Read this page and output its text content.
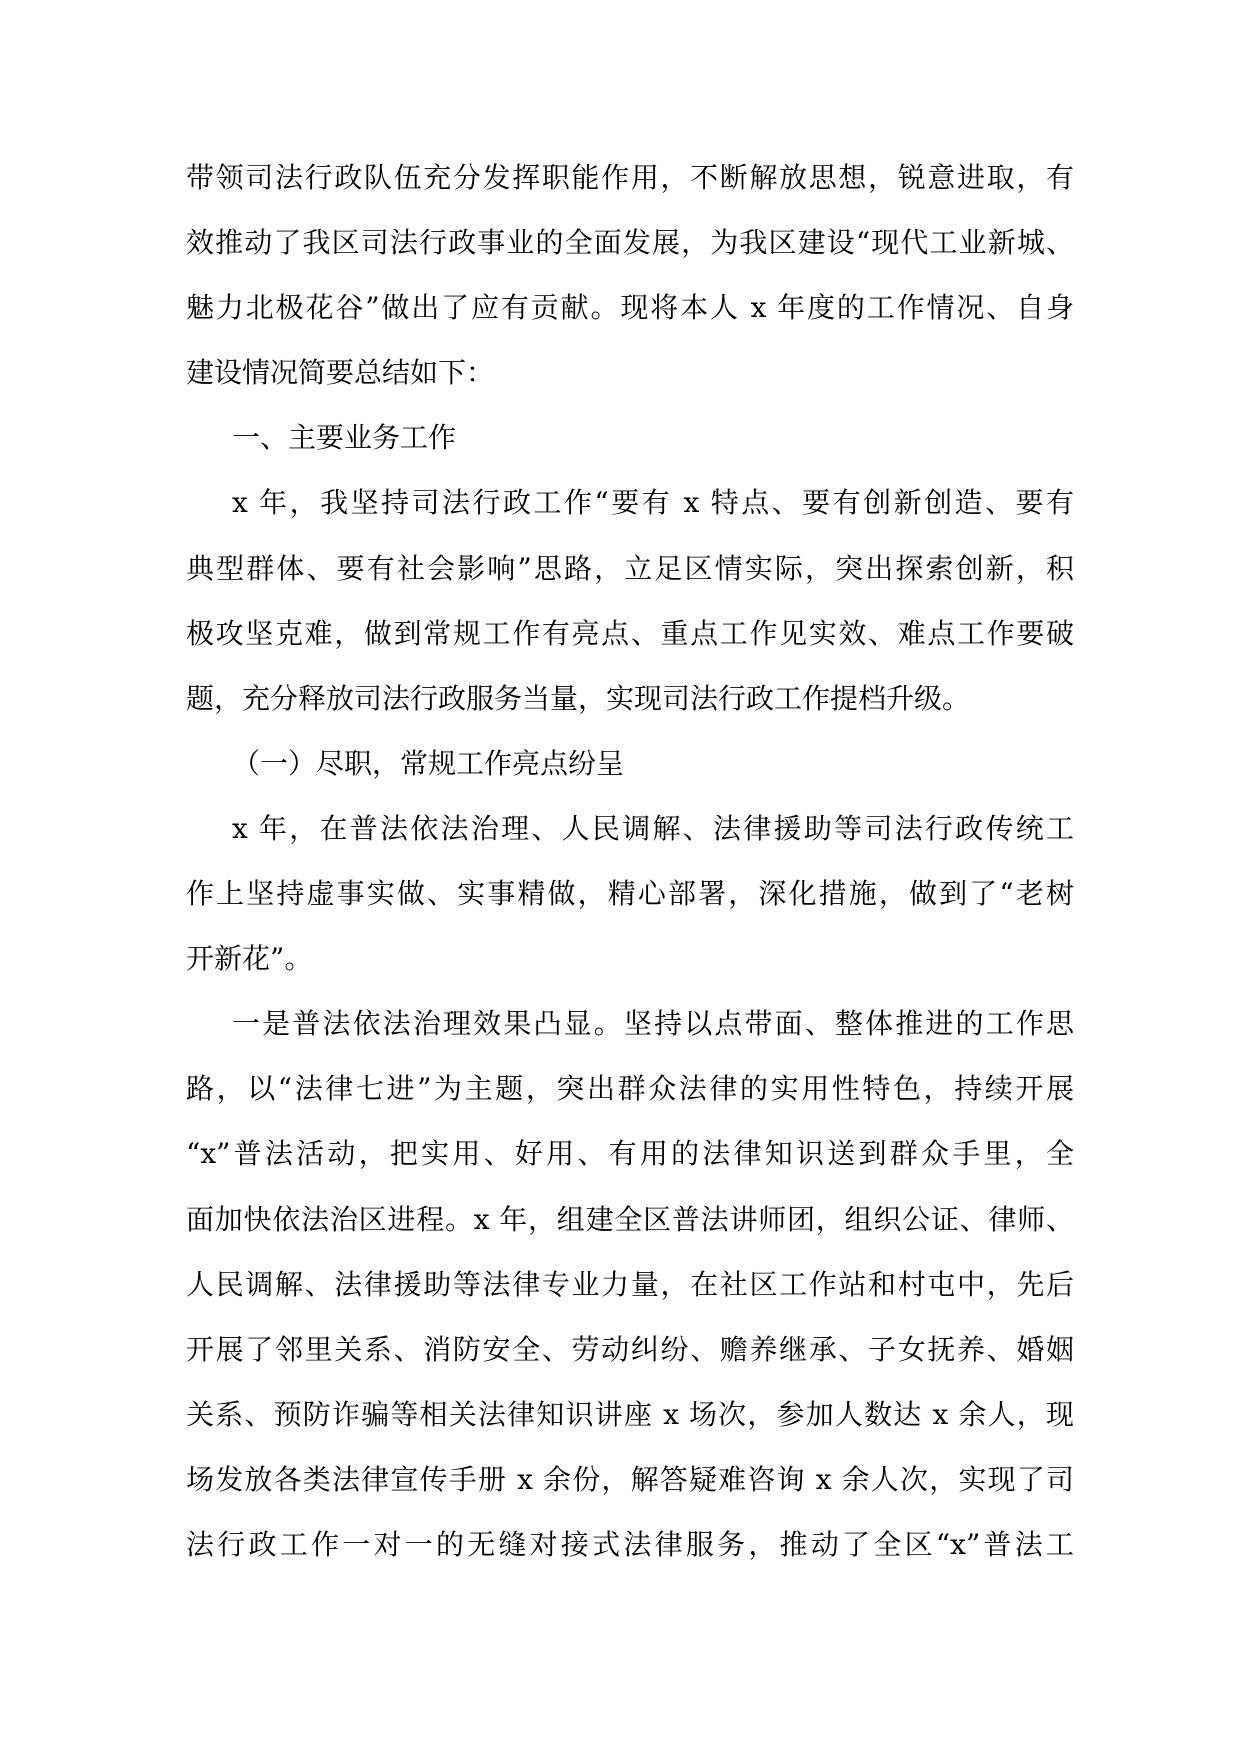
带领司法行政队伍充分发挥职能作用，不断解放思想，锐意进取，有
效推动了我区司法行政事业的全面发展，为我区建设“现代工业新城、
魅力北极花谷”做出了应有贡献。现将本人 x 年度的工作情况、自身
建设情况简要总结如下：
一、主要业务工作
x 年，我坚持司法行政工作“要有 x 特点、要有创新创造、要有
典型群体、要有社会影响”思路，立足区情实际，突出探索创新，积
极攻坚克难，做到常规工作有亮点、重点工作见实效、难点工作要破
题，充分释放司法行政服务当量，实现司法行政工作提档升级。
（一）尽职，常规工作亮点纷呈
x 年，在普法依法治理、人民调解、法律援助等司法行政传统工
作上坚持虚事实做、实事精做，精心部署，深化措施，做到了“老树
开新花”。
一是普法依法治理效果凸显。坚持以点带面、整体推进的工作思
路，以“法律七进”为主题，突出群众法律的实用性特色，持续开展
“x”普法活动，把实用、好用、有用的法律知识送到群众手里，全
面加快依法治区进程。x 年，组建全区普法讲师团，组织公证、律师、
人民调解、法律援助等法律专业力量，在社区工作站和村屯中，先后
开展了邻里关系、消防安全、劳动纠纷、赡养继承、子女抚养、婚姻
关系、预防诈骗等相关法律知识讲座 x 场次，参加人数达 x 余人，现
场发放各类法律宣传手册 x 余份，解答疑难咨询 x 余人次，实现了司
法行政工作一对一的无缝对接式法律服务，推动了全区“x”普法工
